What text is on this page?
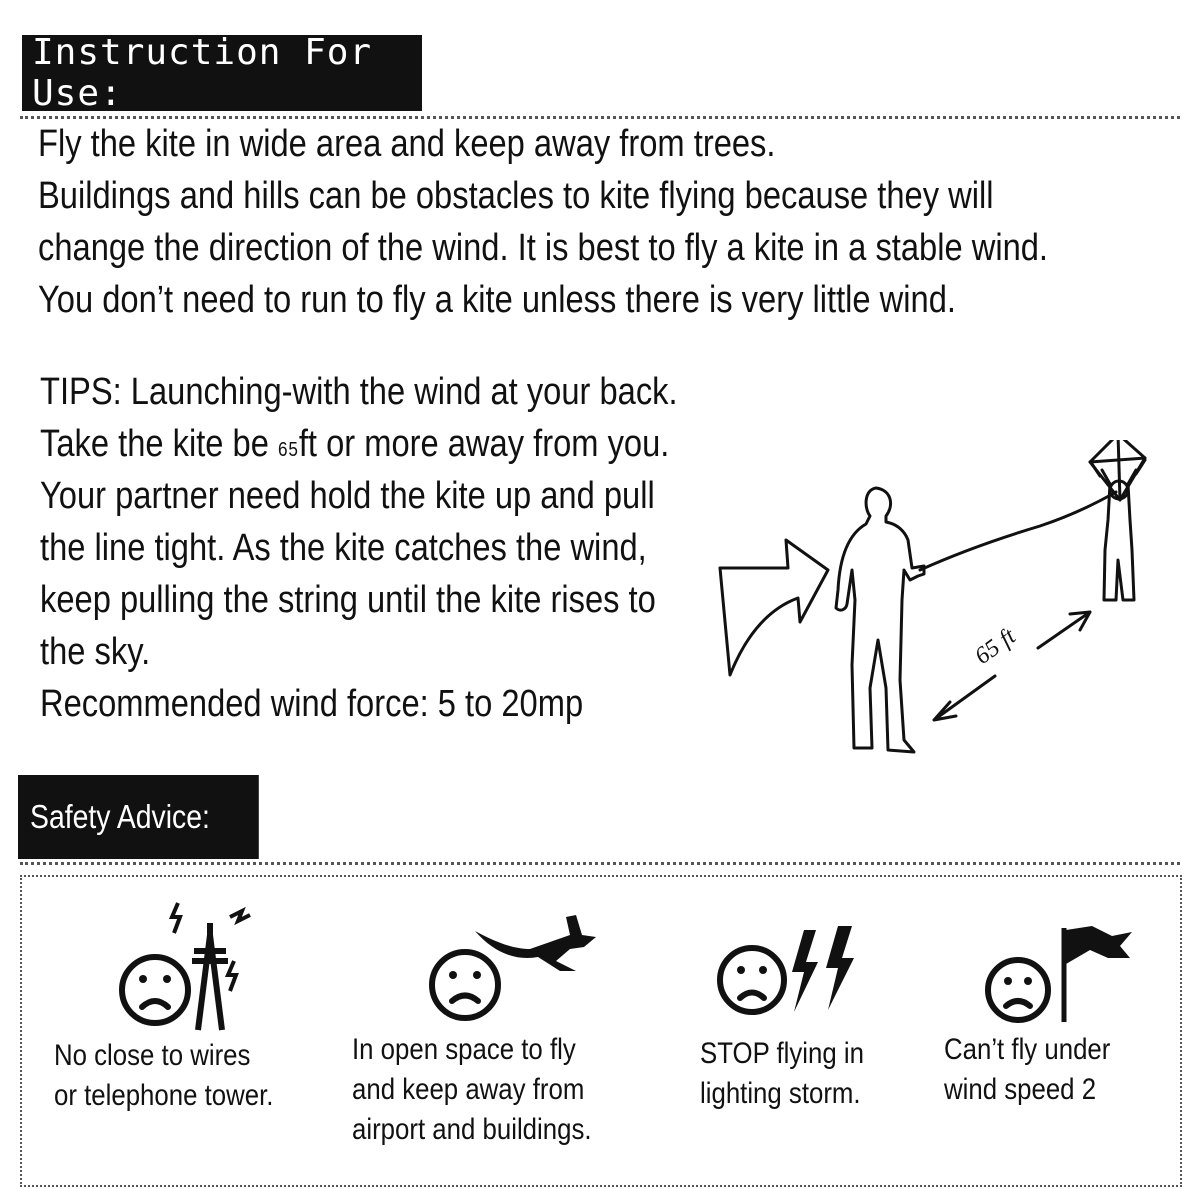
Instruction For Use:
Fly the kite in wide area and keep away from trees.
Buildings and hills can be obstacles to kite flying because they will
change the direction of the wind. It is best to fly a kite in a stable wind.
You don’t need to run to fly a kite unless there is very little wind.
TIPS: Launching-with the wind at your back.
Take the kite be 65ft or more away from you.
Your partner need hold the kite up and pull
the line tight. As the kite catches the wind,
keep pulling the string until the kite rises to
the sky.
Recommended wind force: 5 to 20mp
65 ft
Safety Advice:
No close to wires
or telephone tower.
In open space to fly
and keep away from
airport and buildings.
STOP flying in
lighting storm.
Can’t fly under
wind speed 2
